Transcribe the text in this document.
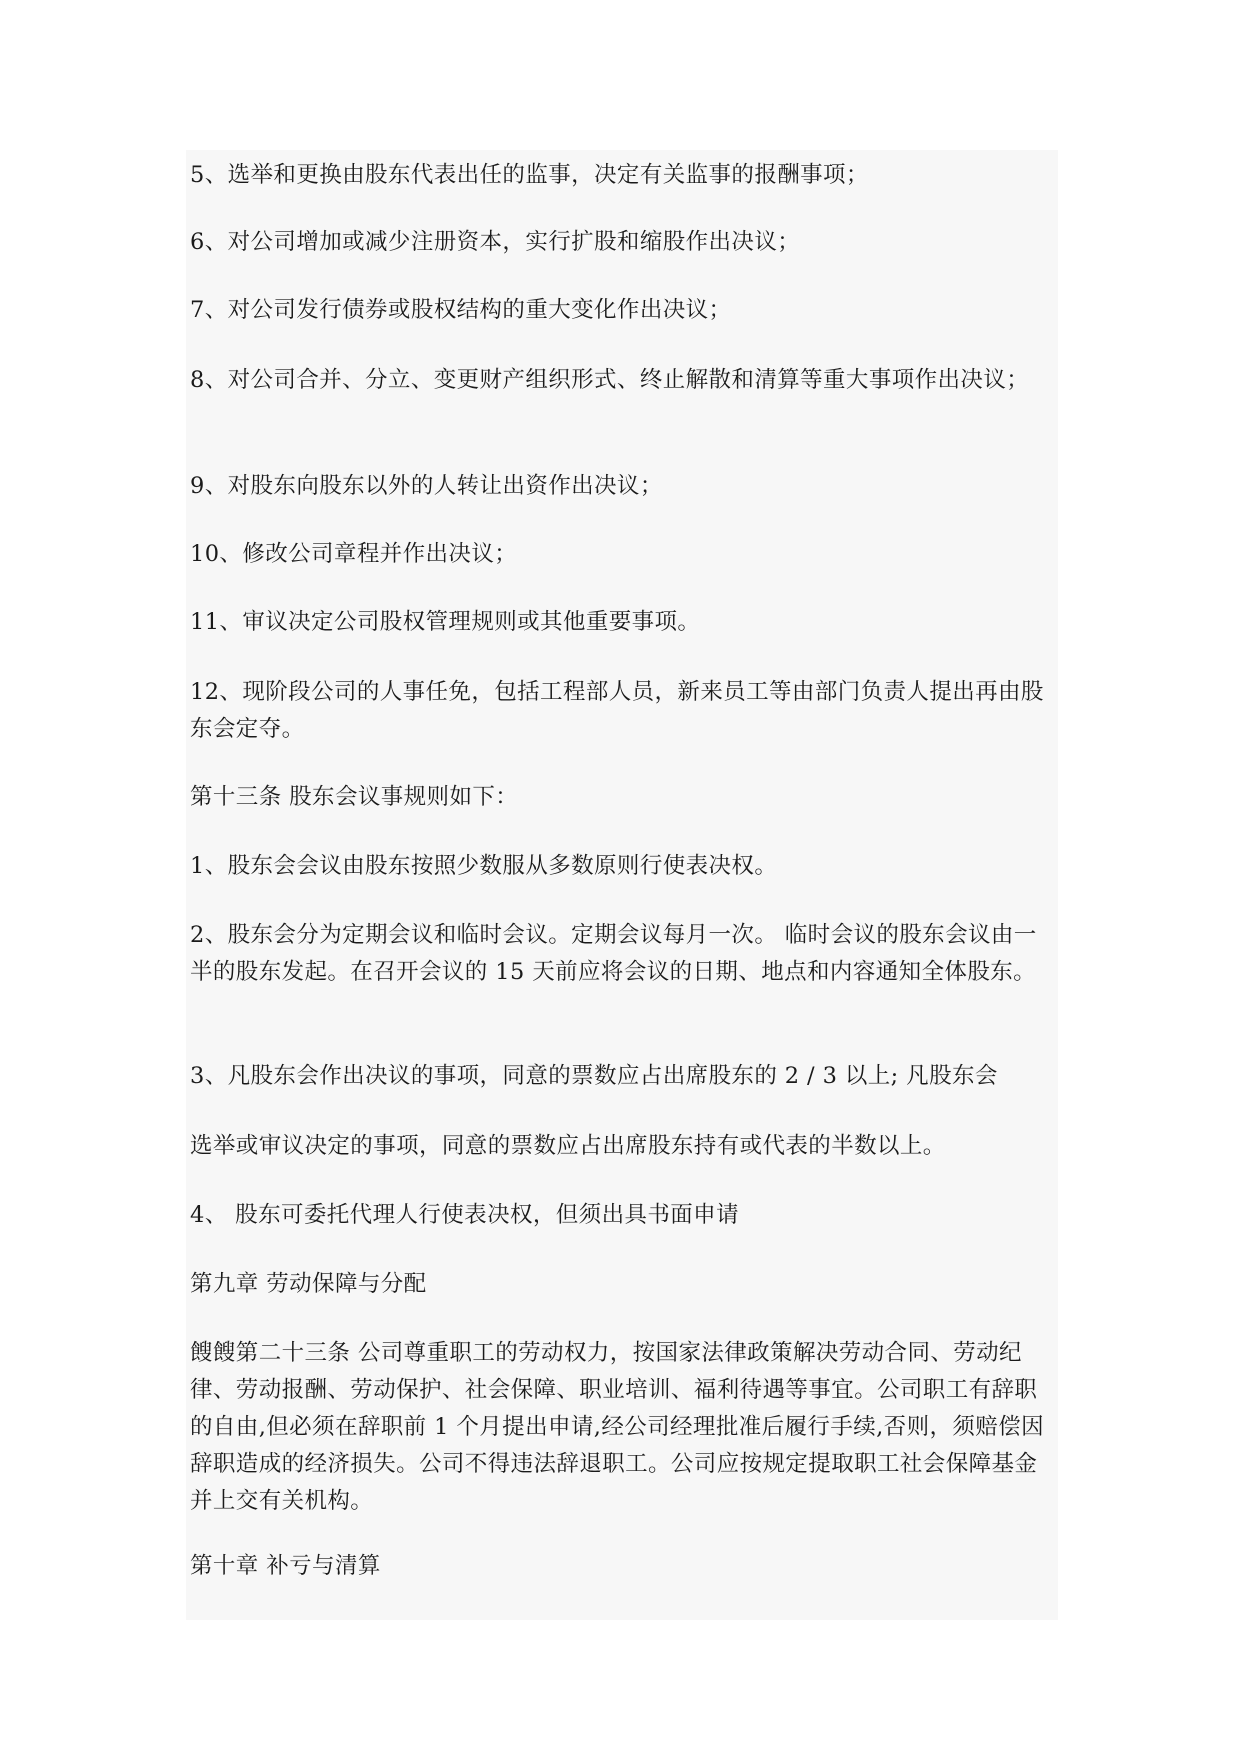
5、选举和更换由股东代表出任的监事，决定有关监事的报酬事项；

6、对公司增加或减少注册资本，实行扩股和缩股作出决议；

7、对公司发行债券或股权结构的重大变化作出决议；

8、对公司合并、分立、变更财产组织形式、终止解散和清算等重大事项作出决议；

9、对股东向股东以外的人转让出资作出决议；

10、修改公司章程并作出决议；

11、审议决定公司股权管理规则或其他重要事项。

12、现阶段公司的人事任免，包括工程部人员，新来员工等由部门负责人提出再由股东会定夺。

第十三条 股东会议事规则如下：

1、股东会会议由股东按照少数服从多数原则行使表决权。

2、股东会分为定期会议和临时会议。定期会议每月一次。 临时会议的股东会议由一半的股东发起。在召开会议的 15 天前应将会议的日期、地点和内容通知全体股东。

3、凡股东会作出决议的事项，同意的票数应占出席股东的 2 / 3 以上; 凡股东会

选举或审议决定的事项，同意的票数应占出席股东持有或代表的半数以上。

4、 股东可委托代理人行使表决权，但须出具书面申请

第九章 劳动保障与分配

餿餿第二十三条 公司尊重职工的劳动权力，按国家法律政策解决劳动合同、劳动纪律、劳动报酬、劳动保护、社会保障、职业培训、福利待遇等事宜。公司职工有辞职的自由,但必须在辞职前 1 个月提出申请,经公司经理批准后履行手续,否则，须赔偿因辞职造成的经济损失。公司不得违法辞退职工。公司应按规定提取职工社会保障基金并上交有关机构。

第十章 补亏与清算
